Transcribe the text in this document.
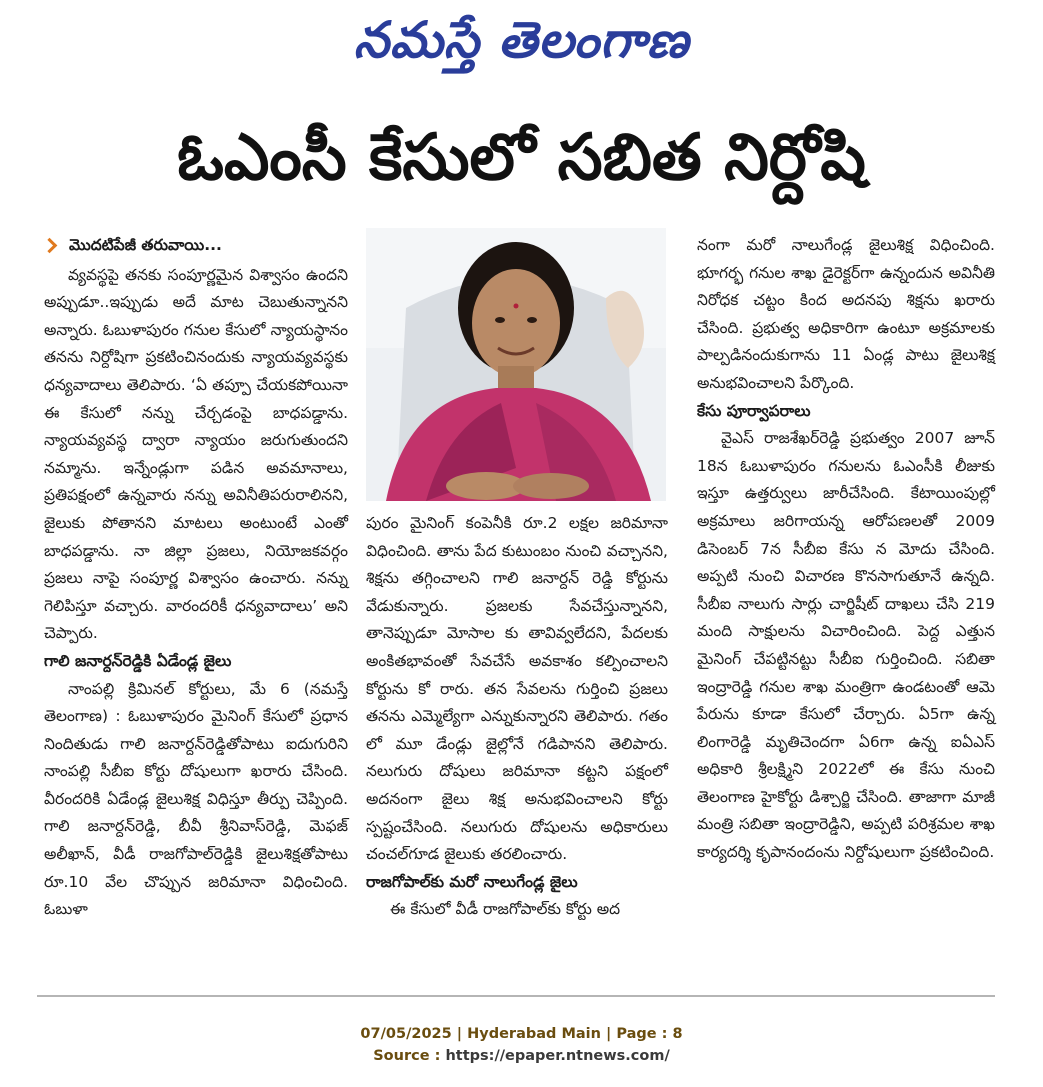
నమస్తే తెలంగాణ
ఓఎంసీ కేసులో సబిత నిర్దోషి
మొదటిపేజీ తరువాయి...

వ్యవస్థపై తనకు సంపూర్ణమైన విశ్వాసం ఉందని అప్పుడూ..ఇప్పుడు అదే మాట చెబుతున్నానని అన్నారు. ఓబుళాపురం గనుల కేసులో న్యాయస్థానం తనను నిర్దోషిగా ప్రకటించినందుకు న్యాయవ్యవస్థకు ధన్యవాదాలు తెలిపారు. ‘ఏ తప్పూ చేయకపోయినా ఈ కేసులో నన్ను చేర్చడంపై బాధపడ్డాను. న్యాయవ్యవస్థ ద్వారా న్యాయం జరుగుతుందని నమ్మాను. ఇన్నేండ్లుగా పడిన అవమానాలు, ప్రతిపక్షంలో ఉన్నవారు నన్ను అవినీతిపరురాలినని, జైలుకు పోతానని మాటలు అంటుంటే ఎంతో బాధపడ్డాను. నా జిల్లా ప్రజలు, నియోజకవర్గం ప్రజలు నాపై సంపూర్ణ విశ్వాసం ఉంచారు. నన్ను గెలిపిస్తూ వచ్చారు. వారందరికీ ధన్యవాదాలు’ అని చెప్పారు.

గాలి జనార్దన్‌రెడ్డికి ఏడేండ్ల జైలు

నాంపల్లి క్రిమినల్ కోర్టులు, మే 6 (నమస్తే తెలంగాణ) : ఓబుళాపురం మైనింగ్ కేసులో ప్రధాన నిందితుడు గాలి జనార్దన్‌రెడ్డితోపాటు ఐదుగురిని నాంపల్లి సీబీఐ కోర్టు దోషులుగా ఖరారు చేసింది. వీరందరికి ఏడేండ్ల జైలుశిక్ష విధిస్తూ తీర్పు చెప్పింది. గాలి జనార్దన్‌రెడ్డి, బీవీ శ్రీనివాస్‌రెడ్డి, మెఫజ్ అలీఖాన్, వీడీ రాజగోపాల్‌రెడ్డికి జైలుశిక్షతోపాటు రూ.10 వేల చొప్పున జరిమానా విధించింది. ఓబుళా

పురం మైనింగ్ కంపెనీకి రూ.2 లక్షల జరిమానా విధించింది. తాను పేద కుటుంబం నుంచి వచ్చానని, శిక్షను తగ్గించాలని గాలి జనార్దన్ రెడ్డి కోర్టును వేడుకున్నారు. ప్రజలకు సేవచేస్తున్నానని, తానెప్పుడూ మోసాల కు తావివ్వలేదని, పేదలకు అంకితభావంతో సేవచేసే అవకాశం కల్పించాలని కోర్టును కో రారు. తన సేవలను గుర్తించి ప్రజలు తనను ఎమ్మెల్యేగా ఎన్నుకున్నారని తెలిపారు. గతం లో మూ డేండ్లు జైల్లోనే గడిపానని తెలిపారు. నలుగురు దోషులు జరిమానా కట్టని పక్షంలో అదనంగా జైలు శిక్ష అనుభవించాలని కోర్టు స్పష్టంచేసింది. నలుగురు దోషులను అధికారులు చంచల్‌గూడ జైలుకు తరలించారు.

రాజగోపాల్‌కు మరో నాలుగేండ్ల జైలు

ఈ కేసులో వీడీ రాజగోపాల్‌కు కోర్టు అద

నంగా మరో నాలుగేండ్ల జైలుశిక్ష విధించింది. భూగర్భ గనుల శాఖ డైరెక్టర్‌గా ఉన్నందున అవినీతి నిరోధక చట్టం కింద అదనపు శిక్షను ఖరారు చేసింది. ప్రభుత్వ అధికారిగా ఉంటూ అక్రమాలకు పాల్పడినందుకుగాను 11 ఏండ్ల పాటు జైలుశిక్ష అనుభవించాలని పేర్కొంది.

కేసు పూర్వాపరాలు

వైఎస్ రాజశేఖర్‌రెడ్డి ప్రభుత్వం 2007 జూన్ 18న ఓబుళాపురం గనులను ఓఎంసీకి లీజుకు ఇస్తూ ఉత్తర్వులు జారీచేసింది. కేటాయింపుల్లో అక్రమాలు జరిగాయన్న ఆరోపణలతో 2009 డిసెంబర్ 7న సీబీఐ కేసు న మోదు చేసింది. అప్పటి నుంచి విచారణ కొనసాగుతూనే ఉన్నది. సీబీఐ నాలుగు సార్లు చార్జిషీట్ దాఖలు చేసి 219 మంది సాక్షులను విచారించింది. పెద్ద ఎత్తున మైనింగ్ చేపట్టినట్టు సీబీఐ గుర్తించింది. సబితా ఇంద్రారెడ్డి గనుల శాఖ మంత్రిగా ఉండటంతో ఆమె పేరును కూడా కేసులో చేర్చారు. ఏ5గా ఉన్న లింగారెడ్డి మృతిచెందగా ఏ6గా ఉన్న ఐఏఎస్ అధికారి శ్రీలక్ష్మిని 2022లో ఈ కేసు నుంచి తెలంగాణ హైకోర్టు డిశ్చార్జి చేసింది. తాజాగా మాజీ మంత్రి సబితా ఇంద్రారెడ్డిని, అప్పటి పరిశ్రమల శాఖ కార్యదర్శి కృపానందంను నిర్దోషులుగా ప్రకటించింది.

07/05/2025 | Hyderabad Main | Page : 8
Source : https://epaper.ntnews.com/
